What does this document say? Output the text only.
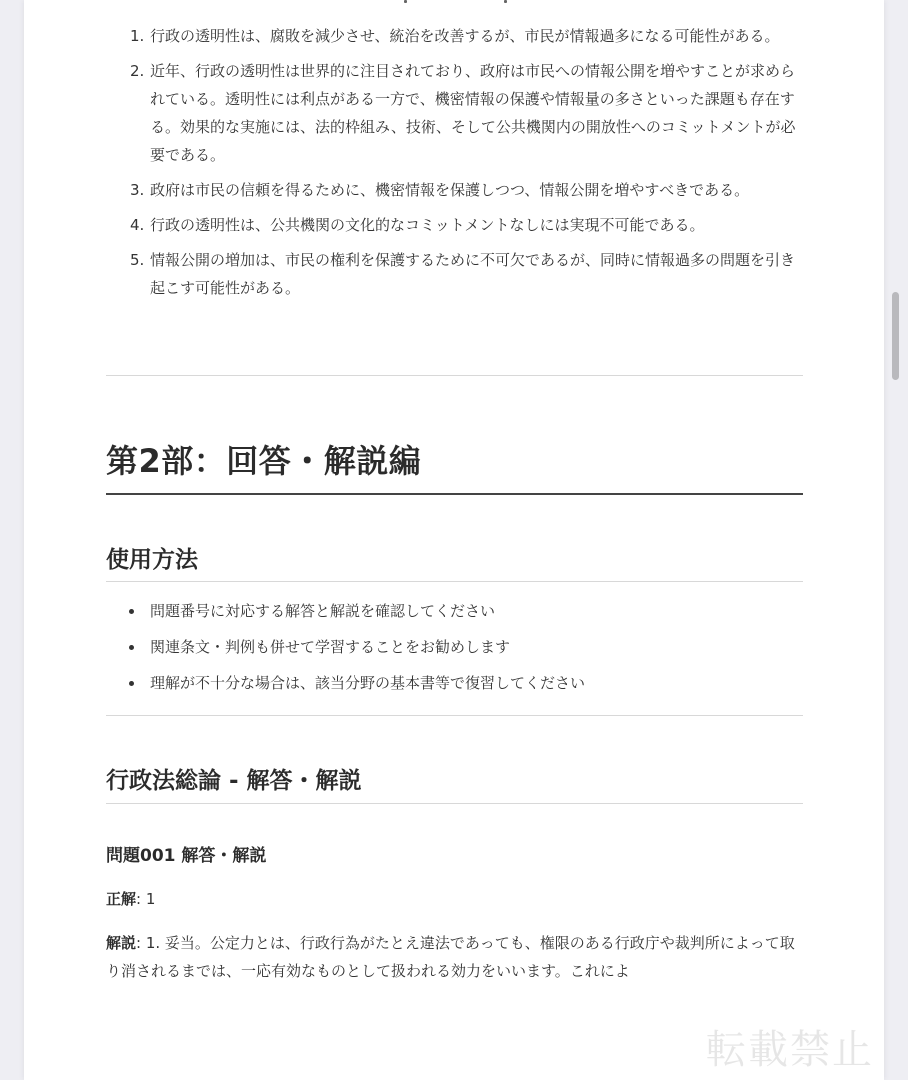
1. 行政の透明性は、腐敗を減少させ、統治を改善するが、市民が情報過多になる可能性がある。
2. 近年、行政の透明性は世界的に注目されており、政府は市民への情報公開を増やすことが求められている。透明性には利点がある一方で、機密情報の保護や情報量の多さといった課題も存在する。効果的な実施には、法的枠組み、技術、そして公共機関内の開放性へのコミットメントが必要である。
3. 政府は市民の信頼を得るために、機密情報を保護しつつ、情報公開を増やすべきである。
4. 行政の透明性は、公共機関の文化的なコミットメントなしには実現不可能である。
5. 情報公開の増加は、市民の権利を保護するために不可欠であるが、同時に情報過多の問題を引き起こす可能性がある。
第2部：回答・解説編
使用方法
問題番号に対応する解答と解説を確認してください
関連条文・判例も併せて学習することをお勧めします
理解が不十分な場合は、該当分野の基本書等で復習してください
行政法総論 - 解答・解説
問題001 解答・解説
正解: 1
解説: 1. 妥当。公定力とは、行政行為がたとえ違法であっても、権限のある行政庁や裁判所によって取り消されるまでは、一応有効なものとして扱われる効力をいいます。これによ
転載禁止
